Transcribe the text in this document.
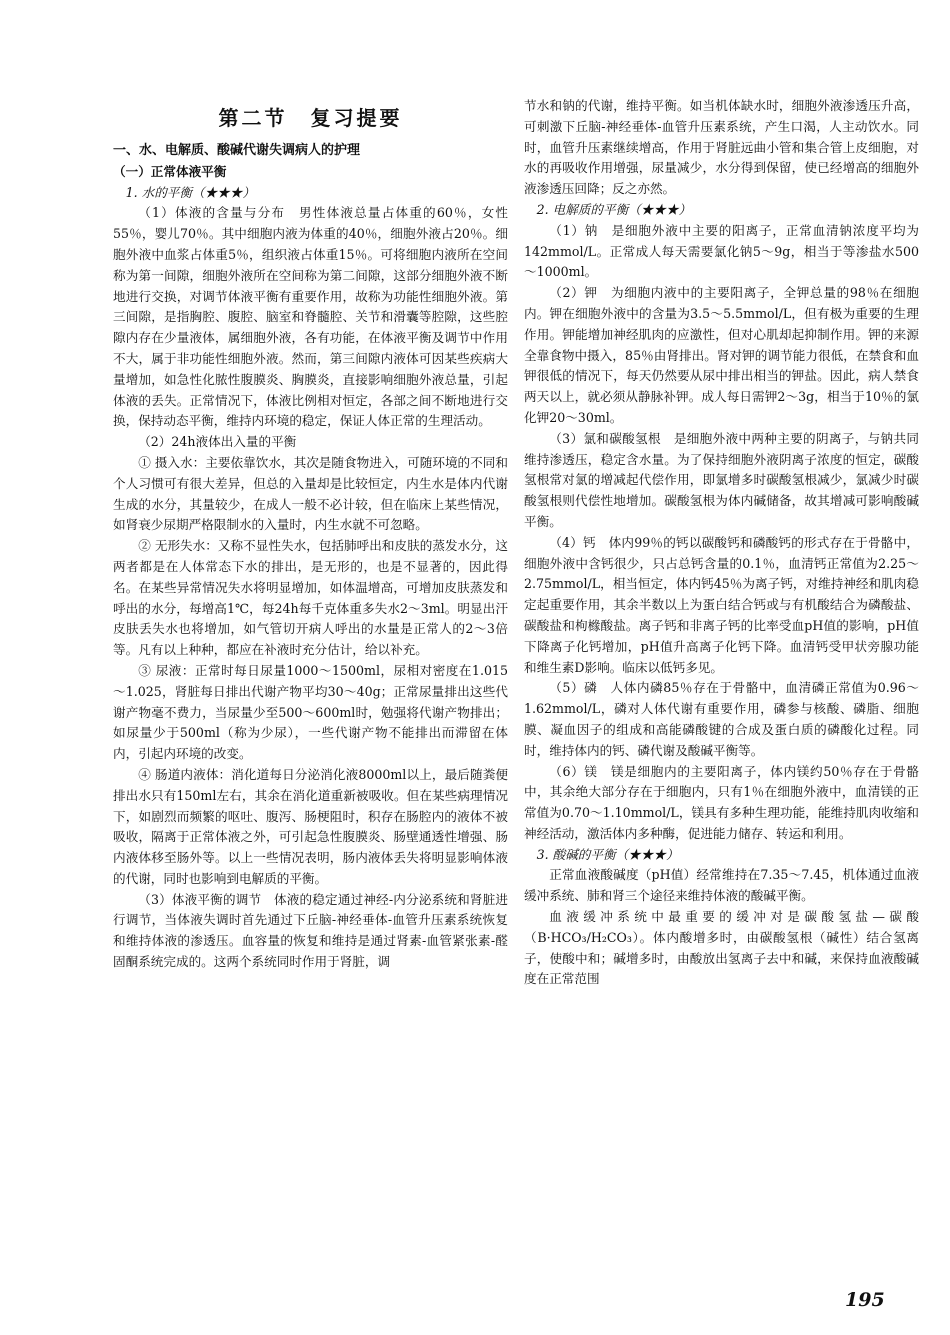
第二节　复习提要

一、水、电解质、酸碱代谢失调病人的护理

（一）正常体液平衡

1. 水的平衡（★★★）

（1）体液的含量与分布　男性体液总量占体重的60％，女性55％，婴儿70％。其中细胞内液为体重的40％，细胞外液占20％。细胞外液中血浆占体重5％，组织液占体重15％。可将细胞内液所在空间称为第一间隙，细胞外液所在空间称为第二间隙，这部分细胞外液不断地进行交换，对调节体液平衡有重要作用，故称为功能性细胞外液。第三间隙，是指胸腔、腹腔、脑室和脊髓腔、关节和滑囊等腔隙，这些腔隙内存在少量液体，属细胞外液，各有功能，在体液平衡及调节中作用不大，属于非功能性细胞外液。然而，第三间隙内液体可因某些疾病大量增加，如急性化脓性腹膜炎、胸膜炎，直接影响细胞外液总量，引起体液的丢失。正常情况下，体液比例相对恒定，各部之间不断地进行交换，保持动态平衡，维持内环境的稳定，保证人体正常的生理活动。

（2）24h液体出入量的平衡

① 摄入水：主要依靠饮水，其次是随食物进入，可随环境的不同和个人习惯可有很大差异，但总的入量却是比较恒定，内生水是体内代谢生成的水分，其量较少，在成人一般不必计较，但在临床上某些情况，如肾衰少尿期严格限制水的入量时，内生水就不可忽略。

② 无形失水：又称不显性失水，包括肺呼出和皮肤的蒸发水分，这两者都是在人体常态下水的排出，是无形的，也是不显著的，因此得名。在某些异常情况失水将明显增加，如体温增高，可增加皮肤蒸发和呼出的水分，每增高1℃，每24h每千克体重多失水2～3ml。明显出汗皮肤丢失水也将增加，如气管切开病人呼出的水量是正常人的2～3倍等。凡有以上种种，都应在补液时充分估计，给以补充。

③ 尿液：正常时每日尿量1000～1500ml，尿相对密度在1.015～1.025，肾脏每日排出代谢产物平均30～40g；正常尿量排出这些代谢产物毫不费力，当尿量少至500～600ml时，勉强将代谢产物排出；如尿量少于500ml（称为少尿），一些代谢产物不能排出而滞留在体内，引起内环境的改变。

④ 肠道内液体：消化道每日分泌消化液8000ml以上，最后随粪便排出水只有150ml左右，其余在消化道重新被吸收。但在某些病理情况下，如剧烈而频繁的呕吐、腹泻、肠梗阻时，积存在肠腔内的液体不被吸收，隔离于正常体液之外，可引起急性腹膜炎、肠壁通透性增强、肠内液体移至肠外等。以上一些情况表明，肠内液体丢失将明显影响体液的代谢，同时也影响到电解质的平衡。

（3）体液平衡的调节　体液的稳定通过神经-内分泌系统和肾脏进行调节，当体液失调时首先通过下丘脑-神经垂体-血管升压素系统恢复和维持体液的渗透压。血容量的恢复和维持是通过肾素-血管紧张素-醛固酮系统完成的。这两个系统同时作用于肾脏，调

节水和钠的代谢，维持平衡。如当机体缺水时，细胞外液渗透压升高，可刺激下丘脑-神经垂体-血管升压素系统，产生口渴，人主动饮水。同时，血管升压素继续增高，作用于肾脏远曲小管和集合管上皮细胞，对水的再吸收作用增强，尿量减少，水分得到保留，使已经增高的细胞外液渗透压回降；反之亦然。

2. 电解质的平衡（★★★）

（1）钠　是细胞外液中主要的阳离子，正常血清钠浓度平均为142mmol/L。正常成人每天需要氯化钠5～9g，相当于等渗盐水500～1000ml。

（2）钾　为细胞内液中的主要阳离子，全钾总量的98％在细胞内。钾在细胞外液中的含量为3.5～5.5mmol/L，但有极为重要的生理作用。钾能增加神经肌肉的应激性，但对心肌却起抑制作用。钾的来源全靠食物中摄入，85％由肾排出。肾对钾的调节能力很低，在禁食和血钾很低的情况下，每天仍然要从尿中排出相当的钾盐。因此，病人禁食两天以上，就必须从静脉补钾。成人每日需钾2～3g，相当于10％的氯化钾20～30ml。

（3）氯和碳酸氢根　是细胞外液中两种主要的阴离子，与钠共同维持渗透压，稳定含水量。为了保持细胞外液阴离子浓度的恒定，碳酸氢根常对氯的增减起代偿作用，即氯增多时碳酸氢根减少，氯减少时碳酸氢根则代偿性地增加。碳酸氢根为体内碱储备，故其增减可影响酸碱平衡。

（4）钙　体内99％的钙以碳酸钙和磷酸钙的形式存在于骨骼中，细胞外液中含钙很少，只占总钙含量的0.1％，血清钙正常值为2.25～2.75mmol/L，相当恒定，体内钙45％为离子钙，对维持神经和肌肉稳定起重要作用，其余半数以上为蛋白结合钙或与有机酸结合为磷酸盐、碳酸盐和枸橼酸盐。离子钙和非离子钙的比率受血pH值的影响，pH值下降离子化钙增加，pH值升高离子化钙下降。血清钙受甲状旁腺功能和维生素D影响。临床以低钙多见。

（5）磷　人体内磷85％存在于骨骼中，血清磷正常值为0.96～1.62mmol/L，磷对人体代谢有重要作用，磷参与核酸、磷脂、细胞膜、凝血因子的组成和高能磷酸键的合成及蛋白质的磷酸化过程。同时，维持体内的钙、磷代谢及酸碱平衡等。

（6）镁　镁是细胞内的主要阳离子，体内镁约50％存在于骨骼中，其余绝大部分存在于细胞内，只有1％在细胞外液中，血清镁的正常值为0.70～1.10mmol/L，镁具有多种生理功能，能维持肌肉收缩和神经活动，激活体内多种酶，促进能力储存、转运和利用。

3. 酸碱的平衡（★★★）

正常血液酸碱度（pH值）经常维持在7.35～7.45，机体通过血液缓冲系统、肺和肾三个途径来维持体液的酸碱平衡。

血液缓冲系统中最重要的缓冲对是碳酸氢盐—碳酸（B·HCO₃/H₂CO₃）。体内酸增多时，由碳酸氢根（碱性）结合氢离子，使酸中和；碱增多时，由酸放出氢离子去中和碱，来保持血液酸碱度在正常范围

195
